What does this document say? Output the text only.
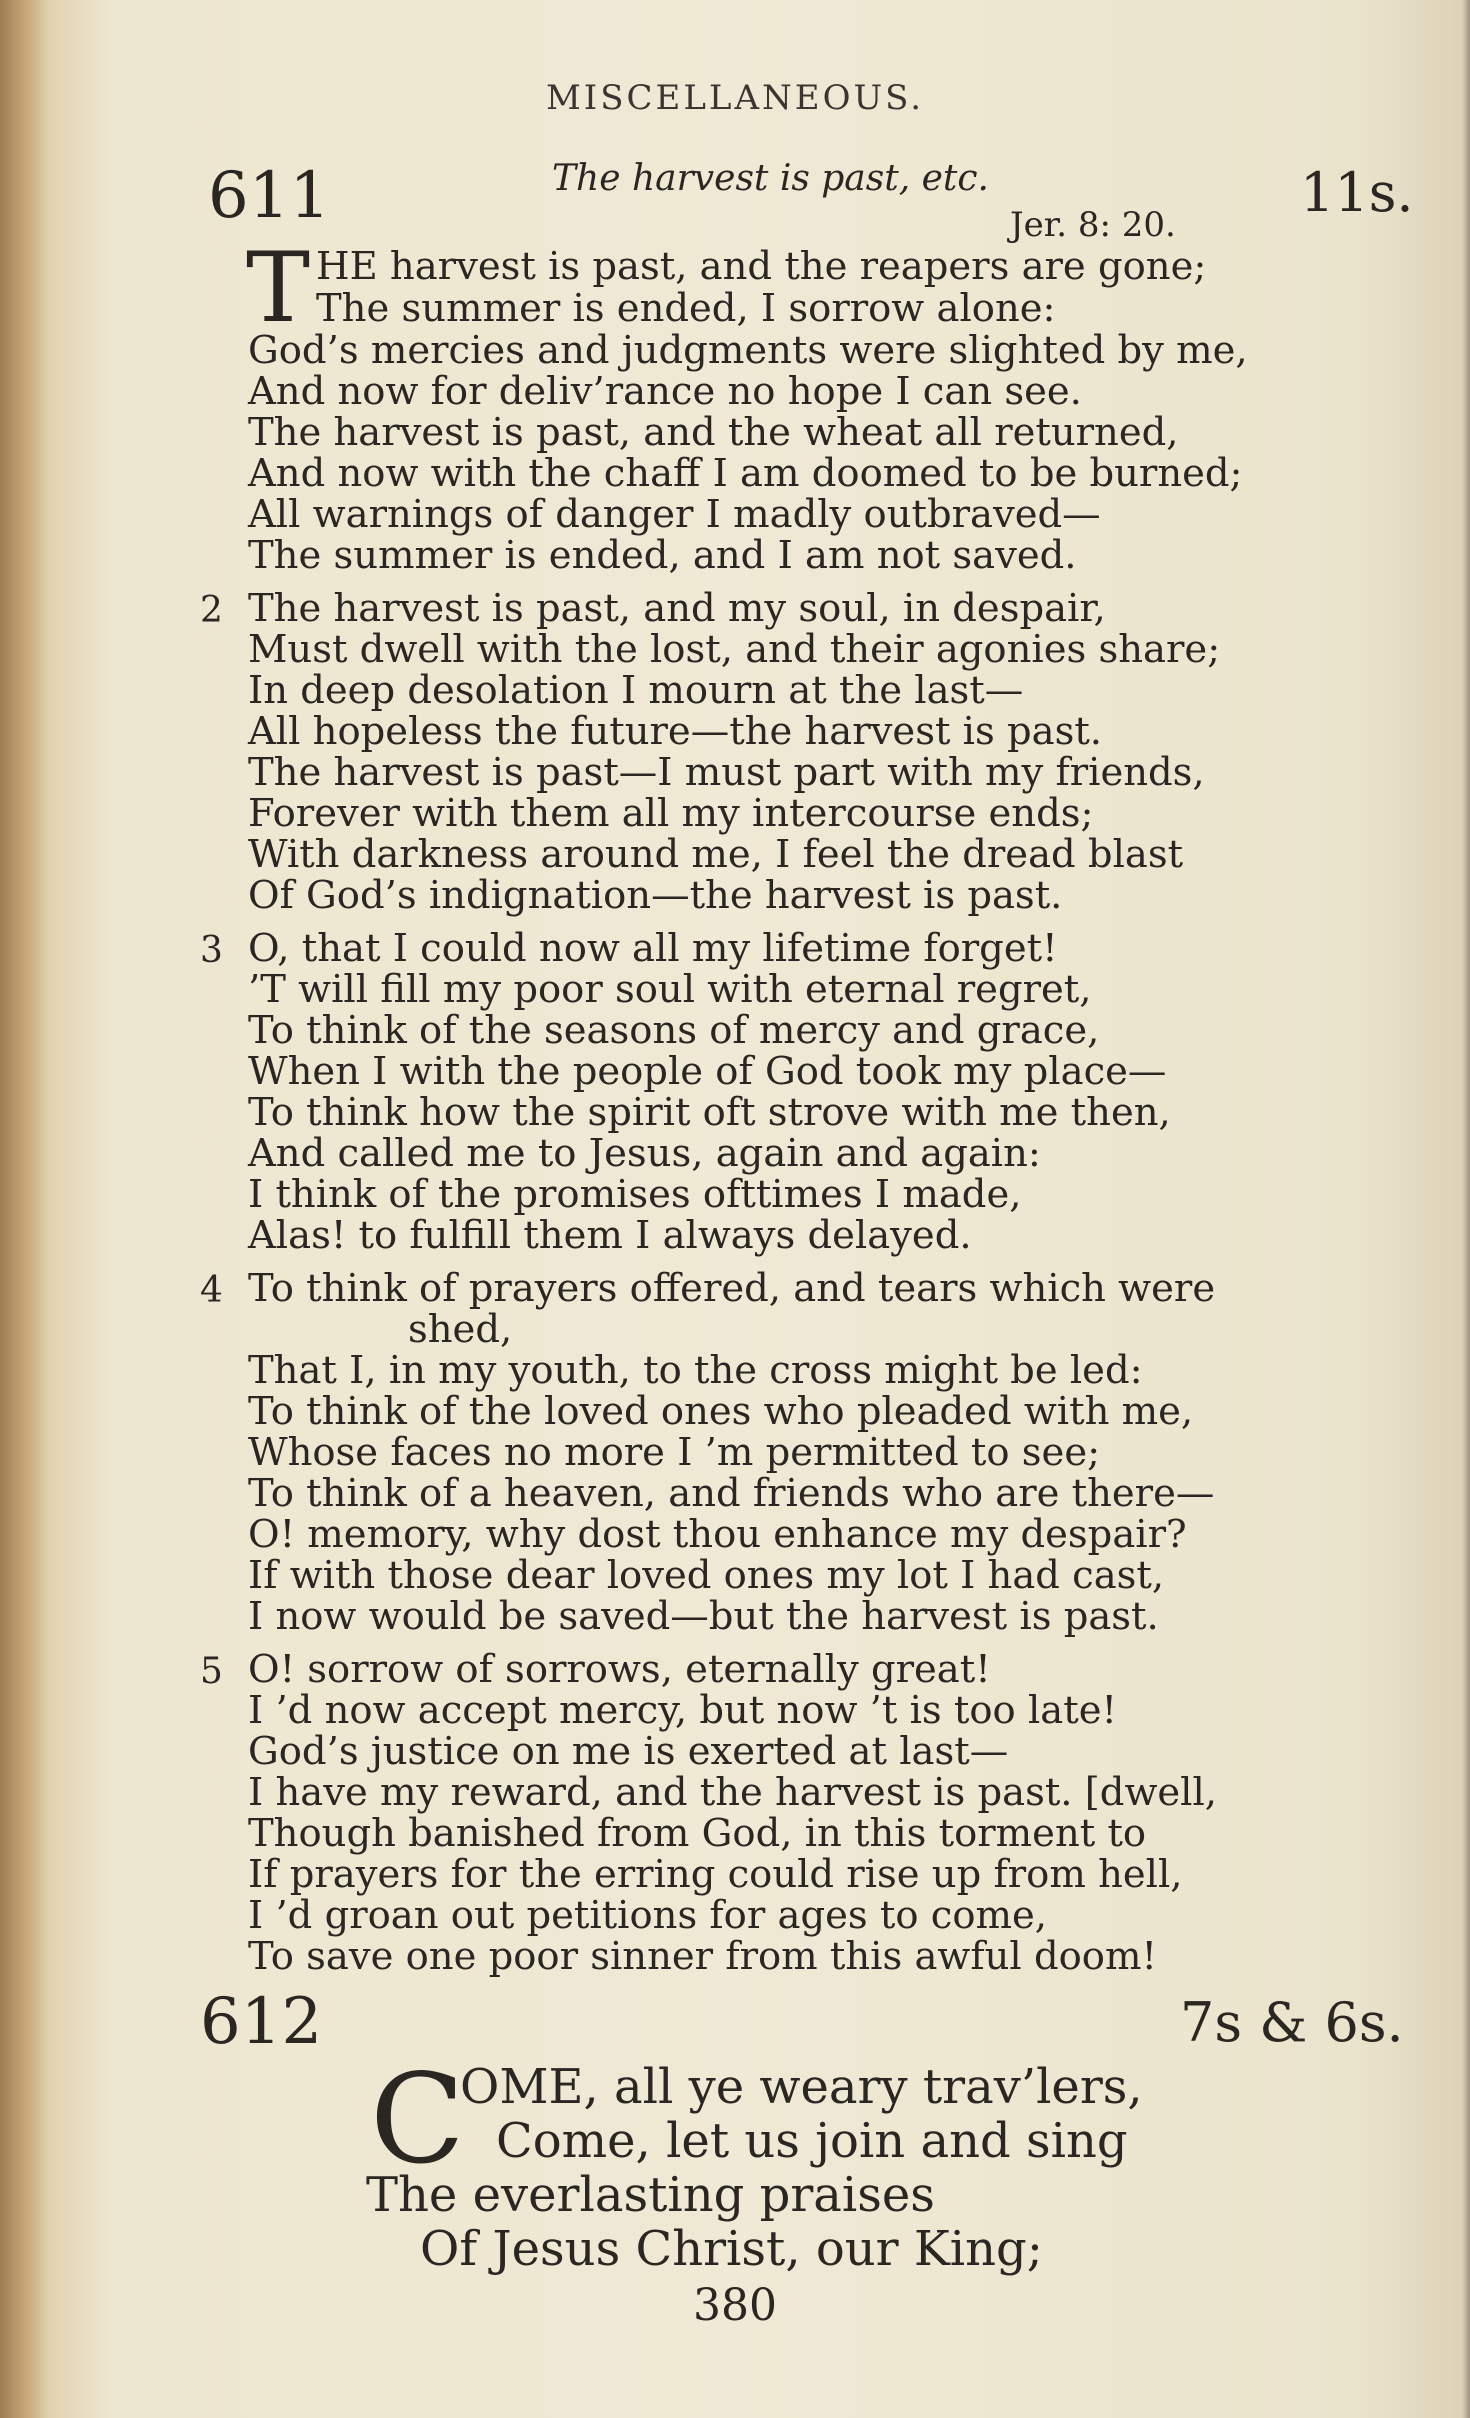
MISCELLANEOUS.
611	The harvest is past, etc.
Jer. 8: 20.
11s.
T HE harvest is past, and the reapers are gone;
The summer is ended, I sorrow alone:
God’s mercies and judgments were slighted by me,
And now for deliv’rance no hope I can see.
The harvest is past, and the wheat all returned,
And now with the chaff I am doomed to be burned;
All warnings of danger I madly outbraved—
The summer is ended, and I am not saved.
2 The harvest is past, and my soul, in despair,
Must dwell with the lost, and their agonies share;
In deep desolation I mourn at the last—
All hopeless the future—the harvest is past.
The harvest is past—I must part with my friends,
Forever with them all my intercourse ends;
With darkness around me, I feel the dread blast
Of God’s indignation—the harvest is past.
3 O, that I could now all my lifetime forget!
’T will fill my poor soul with eternal regret,
To think of the seasons of mercy and grace,
When I with the people of God took my place—
To think how the spirit oft strove with me then,
And called me to Jesus, again and again:
I think of the promises ofttimes I made,
Alas! to fulfill them I always delayed.
4 To think of prayers offered, and tears which were
shed,
That I, in my youth, to the cross might be led:
To think of the loved ones who pleaded with me,
Whose faces no more I ’m permitted to see;
To think of a heaven, and friends who are there—
O! memory, why dost thou enhance my despair?
If with those dear loved ones my lot I had cast,
I now would be saved—but the harvest is past.
5 O! sorrow of sorrows, eternally great!
I ’d now accept mercy, but now ’t is too late!
God’s justice on me is exerted at last—
I have my reward, and the harvest is past. [dwell,
Though banished from God, in this torment to
If prayers for the erring could rise up from hell,
I ’d groan out petitions for ages to come,
To save one poor sinner from this awful doom!
612	7s & 6s.
C
OME, all ye weary trav’lers,
Come, let us join and sing
The everlasting praises
Of Jesus Christ, our King;
380
